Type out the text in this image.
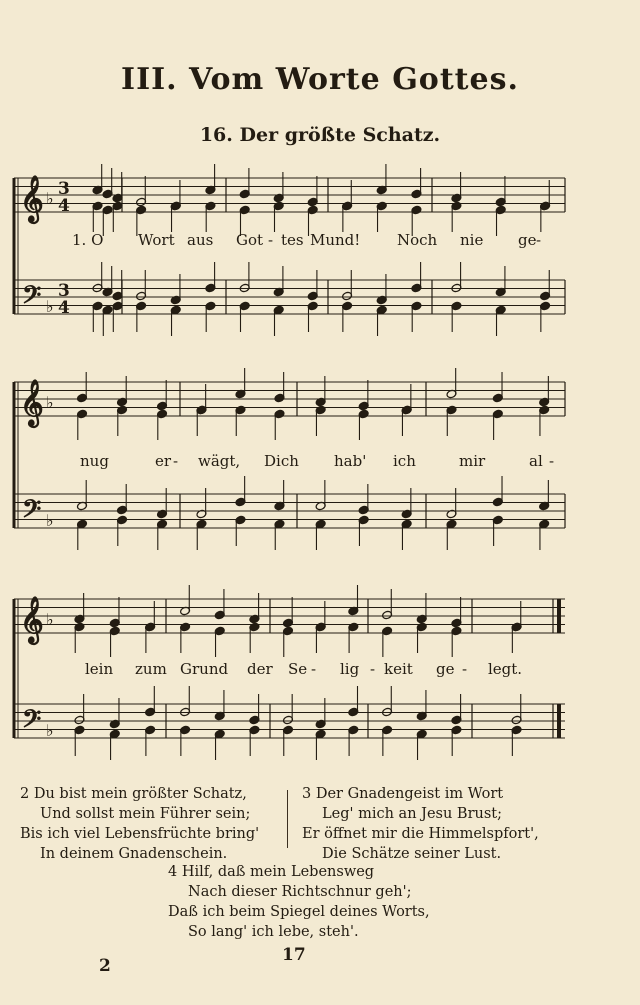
III. Vom Worte Gottes.
16. Der größte Schatz.
𝄞
𝄢
♭
♭
3
4
3
4
𝄞
𝄢
♭
♭
𝄞
𝄢
♭
♭
1. O Wort aus Got - tes Mund! Noch nie ge -
nug	er - wägt, Dich hab' ich	mir	al -
lein zum Grund der Se - lig - keit ge - legt.
2 Du bist mein größter Schatz,
Und sollst mein Führer sein;
Bis ich viel Lebensfrüchte bring'
In deinem Gnadenschein.
3 Der Gnadengeist im Wort
Leg' mich an Jesu Brust;
Er öffnet mir die Himmelspfort',
Die Schätze seiner Lust.
4 Hilf, daß mein Lebensweg
Nach dieser Richtschnur geh';
Daß ich beim Spiegel deines Worts,
So lang' ich lebe, steh'.
2
17
